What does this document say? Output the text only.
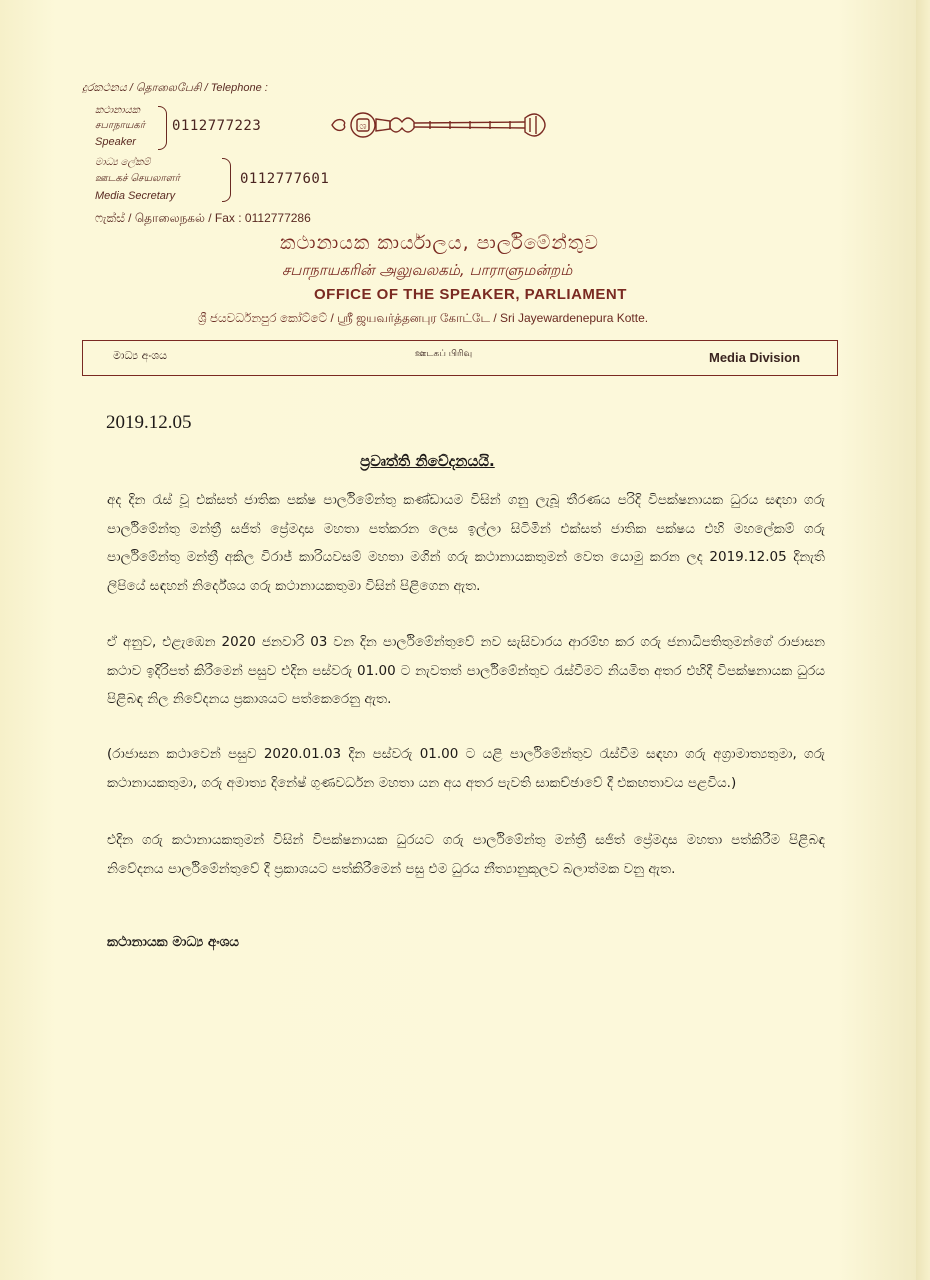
දුරකථනය / தொலைபேசி / Telephone :
කථානායක
சபாநாயகர்
Speaker
0112777223
මාධ්‍ය ලේකම්
ஊடகச் செயலாளர்
Media Secretary
0112777601
ෆැක්ස් / தொலைநகல் / Fax : 0112777286
ශ
කථානායක කාර්යාලය, පාර්ලිමේන්තුව
சபாநாயகரின் அலுவலகம், பாராளுமன்றம்
OFFICE OF THE SPEAKER, PARLIAMENT
ශ්‍රී ජයවර්ධනපුර කෝට්ටේ / ஸ்ரீ ஜயவர்த்தனபுர கோட்டே / Sri Jayewardenepura Kotte.
මාධ්‍ය අංශය	ஊடகப் பிரிவு	Media Division
2019.12.05
ප්‍රවෘත්ති නිවේදනයයි.
අද දින රැස් වූ එක්සත් ජාතික පක්ෂ පාර්ලිමේන්තු කණ්ඩායම විසින් ගනු ලැබූ තීරණය පරිදි විපක්ෂනායක ධුරය සඳහා ගරු පාර්ලිමේන්තු මන්ත්‍රී සජිත් ප්‍රේමදාස මහතා පත්කරන ලෙස ඉල්ලා සිටිමින් එක්සත් ජාතික පක්ෂය එහි මහලේකම් ගරු පාර්ලිමේන්තු මන්ත්‍රී අකිල විරාජ් කාරියවසම් මහතා මගින් ගරු කථානායකතුමන් වෙත යොමු කරන ලද 2019.12.05 දිනැති ලිපියේ සඳහන් නිර්දේශය ගරු කථානායකතුමා විසින් පිළිගෙන ඇත.
ඒ අනුව, එළැඹෙන 2020 ජනවාරි 03 වන දින පාර්ලිමේන්තුවේ නව සැසිවාරය ආරම්භ කර ගරු ජනාධිපතිතුමන්ගේ රාජාසන කථාව ඉදිරිපත් කිරීමෙන් පසුව එදින පස්වරු 01.00 ට නැවතත් පාර්ලිමේන්තුව රැස්වීමට නියමිත අතර එහිදී විපක්ෂනායක ධුරය පිළිබඳ නිල නිවේදනය ප්‍රකාශයට පත්කෙරෙනු ඇත.
(රාජාසන කථාවෙන් පසුව 2020.01.03 දින පස්වරු 01.00 ට යළි පාර්ලිමේන්තුව රැස්වීම සඳහා ගරු අග්‍රාමාත්‍යතුමා, ගරු කථානායකතුමා, ගරු අමාත්‍ය දිනේෂ් ගුණවර්ධන මහතා යන අය අතර පැවති සාකච්ඡාවේ දී එකඟතාවය පළවිය.)
එදින ගරු කථානායකතුමන් විසින් විපක්ෂනායක ධුරයට ගරු පාර්ලිමේන්තු මන්ත්‍රී සජිත් ප්‍රේමදාස මහතා පත්කිරීම පිළිබඳ නිවේදනය පාර්ලිමේන්තුවේ දී ප්‍රකාශයට පත්කිරීමෙන් පසු එම ධුරය නීත්‍යානුකූලව බලාත්මක වනු ඇත.
කථානායක මාධ්‍ය අංශය
